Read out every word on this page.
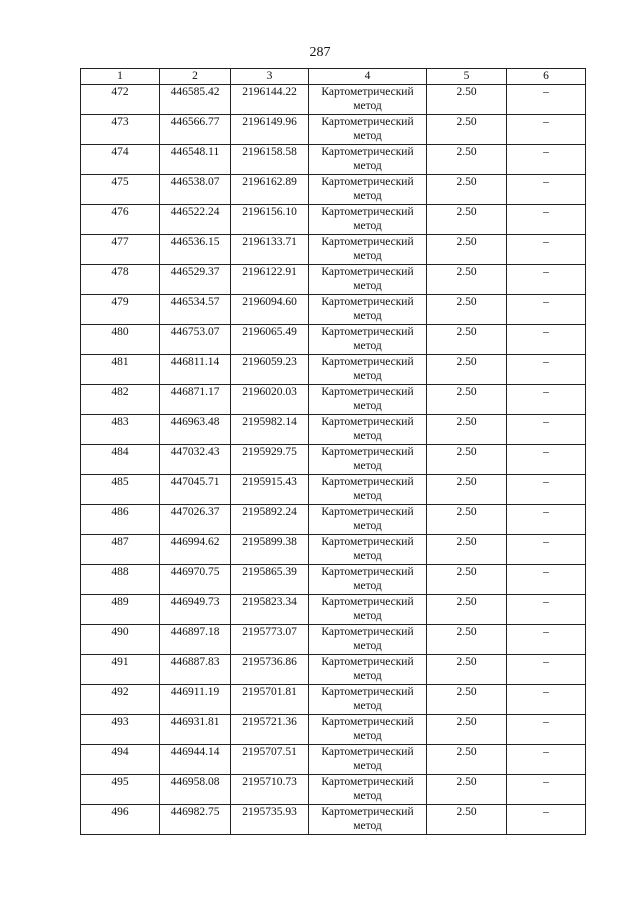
287
1	2	3	4	5	6
472	446585.42	2196144.22	Картометрический метод	2.50	–
473	446566.77	2196149.96	Картометрический метод	2.50	–
474	446548.11	2196158.58	Картометрический метод	2.50	–
475	446538.07	2196162.89	Картометрический метод	2.50	–
476	446522.24	2196156.10	Картометрический метод	2.50	–
477	446536.15	2196133.71	Картометрический метод	2.50	–
478	446529.37	2196122.91	Картометрический метод	2.50	–
479	446534.57	2196094.60	Картометрический метод	2.50	–
480	446753.07	2196065.49	Картометрический метод	2.50	–
481	446811.14	2196059.23	Картометрический метод	2.50	–
482	446871.17	2196020.03	Картометрический метод	2.50	–
483	446963.48	2195982.14	Картометрический метод	2.50	–
484	447032.43	2195929.75	Картометрический метод	2.50	–
485	447045.71	2195915.43	Картометрический метод	2.50	–
486	447026.37	2195892.24	Картометрический метод	2.50	–
487	446994.62	2195899.38	Картометрический метод	2.50	–
488	446970.75	2195865.39	Картометрический метод	2.50	–
489	446949.73	2195823.34	Картометрический метод	2.50	–
490	446897.18	2195773.07	Картометрический метод	2.50	–
491	446887.83	2195736.86	Картометрический метод	2.50	–
492	446911.19	2195701.81	Картометрический метод	2.50	–
493	446931.81	2195721.36	Картометрический метод	2.50	–
494	446944.14	2195707.51	Картометрический метод	2.50	–
495	446958.08	2195710.73	Картометрический метод	2.50	–
496	446982.75	2195735.93	Картометрический метод	2.50	–
